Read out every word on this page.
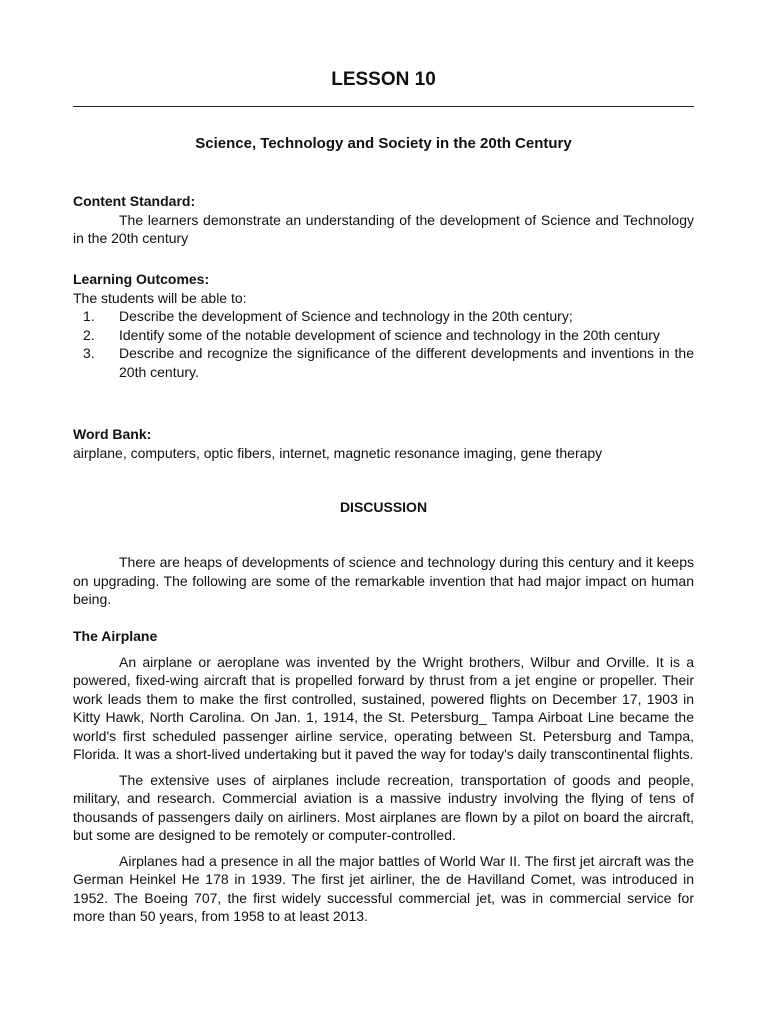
LESSON 10
Science, Technology and Society in the 20th Century

Content Standard:

The learners demonstrate an understanding of the development of Science and Technology in the 20th century

Learning Outcomes:

The students will be able to:

1. Describe the development of Science and technology in the 20th century;
2. Identify some of the notable development of science and technology in the 20th century
3. Describe and recognize the significance of the different developments and inventions in the 20th century.

Word Bank:

airplane, computers, optic fibers, internet, magnetic resonance imaging, gene therapy

DISCUSSION

There are heaps of developments of science and technology during this century and it keeps on upgrading. The following are some of the remarkable invention that had major impact on human being.

The Airplane

An airplane or aeroplane was invented by the Wright brothers, Wilbur and Orville. It is a powered, fixed-wing aircraft that is propelled forward by thrust from a jet engine or propeller. Their work leads them to make the first controlled, sustained, powered flights on December 17, 1903 in Kitty Hawk, North Carolina. On Jan. 1, 1914, the St. Petersburg_ Tampa Airboat Line became the world's first scheduled passenger airline service, operating between St. Petersburg and Tampa, Florida. It was a short-lived undertaking but it paved the way for today's daily transcontinental flights.

The extensive uses of airplanes include recreation, transportation of goods and people, military, and research. Commercial aviation is a massive industry involving the flying of tens of thousands of passengers daily on airliners. Most airplanes are flown by a pilot on board the aircraft, but some are designed to be remotely or computer-controlled.

Airplanes had a presence in all the major battles of World War II. The first jet aircraft was the German Heinkel He 178 in 1939. The first jet airliner, the de Havilland Comet, was introduced in 1952. The Boeing 707, the first widely successful commercial jet, was in commercial service for more than 50 years, from 1958 to at least 2013.
